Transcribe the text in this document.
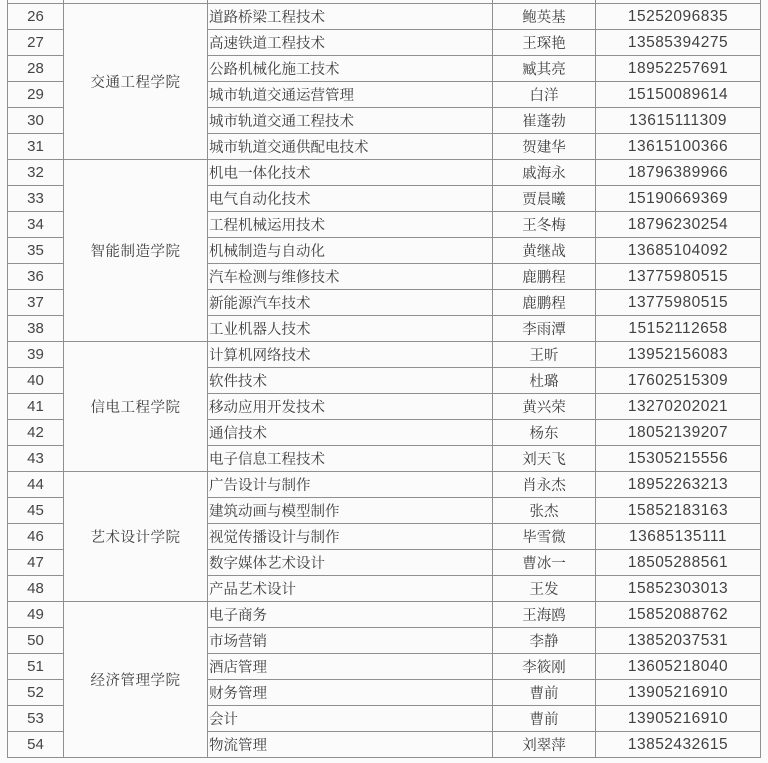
26	交通工程学院	道路桥梁工程技术	鲍英基	15252096835
27		高速铁道工程技术	王琛艳	13585394275
28		公路机械化施工技术	臧其亮	18952257691
29		城市轨道交通运营管理	白洋	15150089614
30		城市轨道交通工程技术	崔蓬勃	13615111309
31		城市轨道交通供配电技术	贺建华	13615100366
32	智能制造学院	机电一体化技术	戚海永	18796389966
33		电气自动化技术	贾晨曦	15190669369
34		工程机械运用技术	王冬梅	18796230254
35		机械制造与自动化	黄继战	13685104092
36		汽车检测与维修技术	鹿鹏程	13775980515
37		新能源汽车技术	鹿鹏程	13775980515
38		工业机器人技术	李雨潭	15152112658
39	信电工程学院	计算机网络技术	王昕	13952156083
40		软件技术	杜璐	17602515309
41		移动应用开发技术	黄兴荣	13270202021
42		通信技术	杨东	18052139207
43		电子信息工程技术	刘天飞	15305215556
44	艺术设计学院	广告设计与制作	肖永杰	18952263213
45		建筑动画与模型制作	张杰	15852183163
46		视觉传播设计与制作	毕雪微	13685135111
47		数字媒体艺术设计	曹冰一	18505288561
48		产品艺术设计	王发	15852303013
49	经济管理学院	电子商务	王海鸥	15852088762
50		市场营销	李静	13852037531
51		酒店管理	李筱刚	13605218040
52		财务管理	曹前	13905216910
53		会计	曹前	13905216910
54		物流管理	刘翠萍	13852432615
